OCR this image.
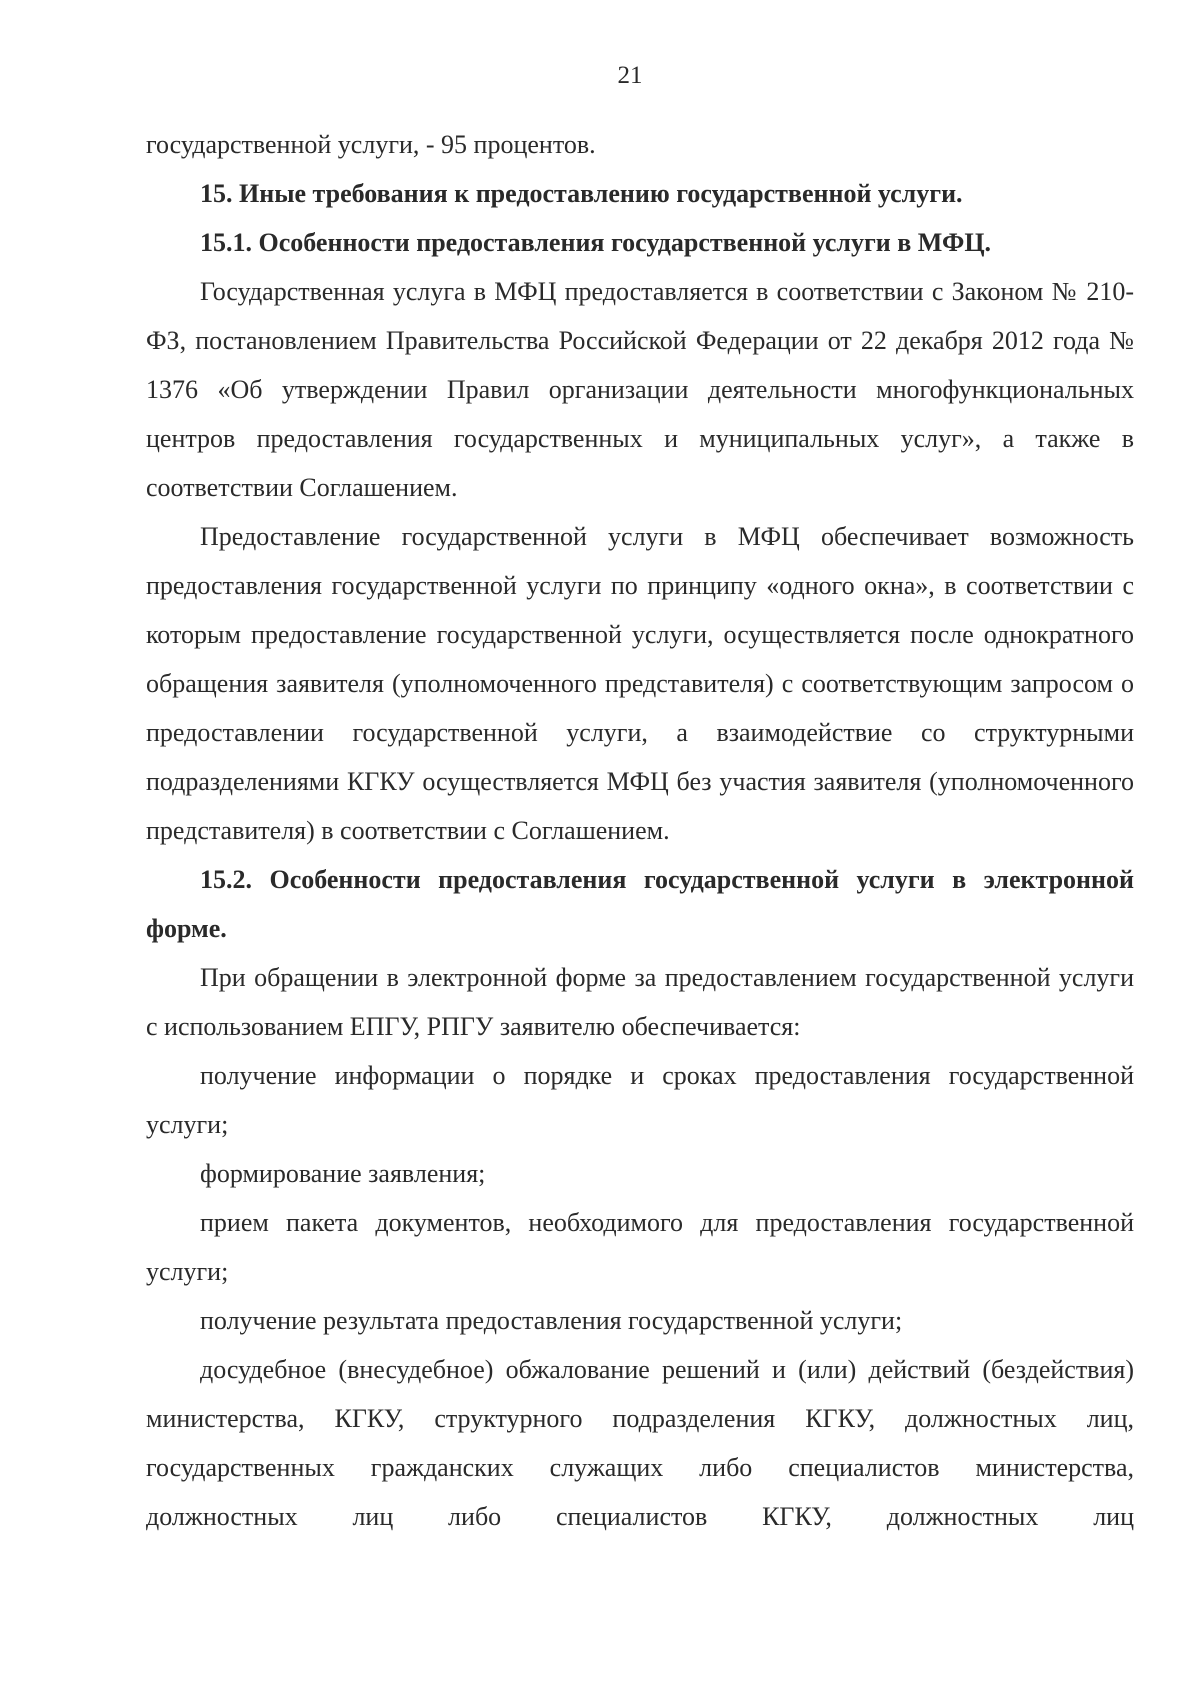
21

государственной услуги, - 95 процентов.

15. Иные требования к предоставлению государственной услуги.

15.1. Особенности предоставления государственной услуги в МФЦ.

Государственная услуга в МФЦ предоставляется в соответствии с Законом № 210-ФЗ, постановлением Правительства Российской Федерации от 22 декабря 2012 года № 1376 «Об утверждении Правил организации деятельности многофункциональных центров предоставления государственных и муниципальных услуг», а также в соответствии Соглашением.

Предоставление государственной услуги в МФЦ обеспечивает возможность предоставления государственной услуги по принципу «одного окна», в соответствии с которым предоставление государственной услуги, осуществляется после однократного обращения заявителя (уполномоченного представителя) с соответствующим запросом о предоставлении государственной услуги, а взаимодействие со структурными подразделениями КГКУ осуществляется МФЦ без участия заявителя (уполномоченного представителя) в соответствии с Соглашением.

15.2. Особенности предоставления государственной услуги в электронной форме.

При обращении в электронной форме за предоставлением государственной услуги с использованием ЕПГУ, РПГУ заявителю обеспечивается:

получение информации о порядке и сроках предоставления государственной услуги;

формирование заявления;

прием пакета документов, необходимого для предоставления государственной услуги;

получение результата предоставления государственной услуги;

досудебное (внесудебное) обжалование решений и (или) действий (бездействия) министерства, КГКУ, структурного подразделения КГКУ, должностных лиц, государственных гражданских служащих либо специалистов министерства, должностных лиц либо специалистов КГКУ, должностных лиц
